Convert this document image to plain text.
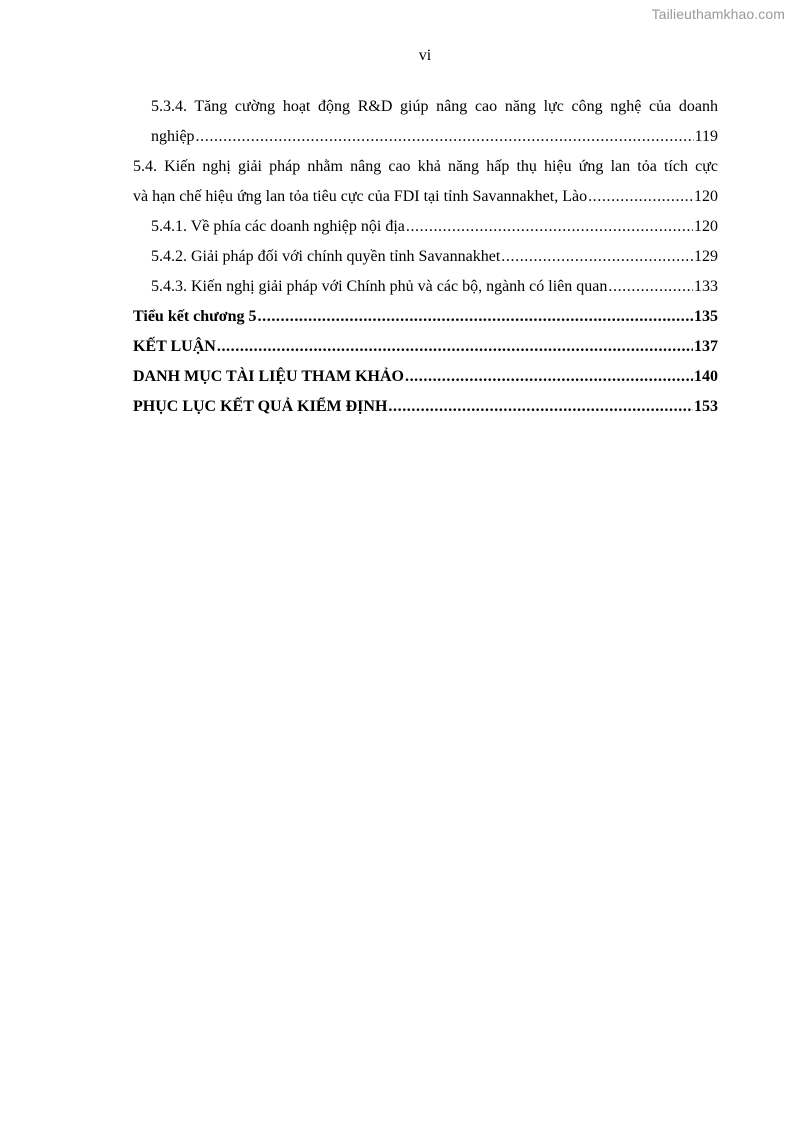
Tailieuthamkhao.com
vi
5.3.4. Tăng cường hoạt động R&D giúp nâng cao năng lực công nghệ của doanh
nghiệp .....	119
5.4. Kiến nghị giải pháp nhằm nâng cao khả năng hấp thụ hiệu ứng lan tỏa tích cực
và hạn chế hiệu ứng lan tỏa tiêu cực của FDI tại tỉnh Savannakhet, Lào .....	120
5.4.1. Về phía các doanh nghiệp nội địa .....	120
5.4.2. Giải pháp đối với chính quyền tỉnh Savannakhet .....	129
5.4.3. Kiến nghị giải pháp với Chính phủ và các bộ, ngành có liên quan .....	133
Tiểu kết chương 5 .....	135
KẾT LUẬN .....	137
DANH MỤC TÀI LIỆU THAM KHẢO .....	140
PHỤC LỤC KẾT QUẢ KIỂM ĐỊNH .....	153
